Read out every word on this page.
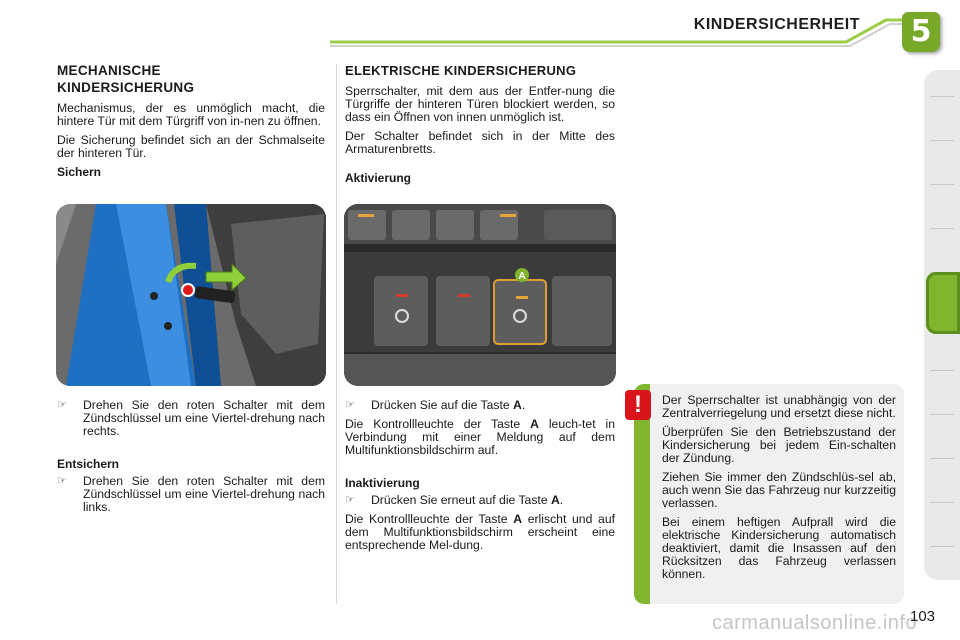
KINDERSICHERHEIT 5
MECHANISCHE
KINDERSICHERUNG

Mechanismus, der es unmöglich macht, die hintere Tür mit dem Türgriff von in-nen zu öffnen.

Die Sicherung befindet sich an der Schmalseite der hinteren Tür.

Sichern
☞	Drehen Sie den roten Schalter mit dem Zündschlüssel um eine Viertel-drehung nach rechts.
Entsichern
☞	Drehen Sie den roten Schalter mit dem Zündschlüssel um eine Viertel-drehung nach links.
ELEKTRISCHE KINDERSICHERUNG

Sperrschalter, mit dem aus der Entfer-nung die Türgriffe der hinteren Türen blockiert werden, so dass ein Öffnen von innen unmöglich ist.

Der Schalter befindet sich in der Mitte des Armaturenbretts.

Aktivierung
A
☞	Drücken Sie auf die Taste A.

Die Kontrollleuchte der Taste A leuch-tet in Verbindung mit einer Meldung auf dem Multifunktionsbildschirm auf.

Inaktivierung
☞	Drücken Sie erneut auf die Taste A.

Die Kontrollleuchte der Taste A erlischt und auf dem Multifunktionsbildschirm erscheint eine entsprechende Mel-dung.

Der Sperrschalter ist unabhängig von der Zentralverriegelung und ersetzt diese nicht.

Überprüfen Sie den Betriebszustand der Kindersicherung bei jedem Ein-schalten der Zündung.

Ziehen Sie immer den Zündschlüs-sel ab, auch wenn Sie das Fahrzeug nur kurzzeitig verlassen.

Bei einem heftigen Aufprall wird die elektrische Kindersicherung automatisch deaktiviert, damit die Insassen auf den Rücksitzen das Fahrzeug verlassen können.

!
carmanualsonline.info
103
